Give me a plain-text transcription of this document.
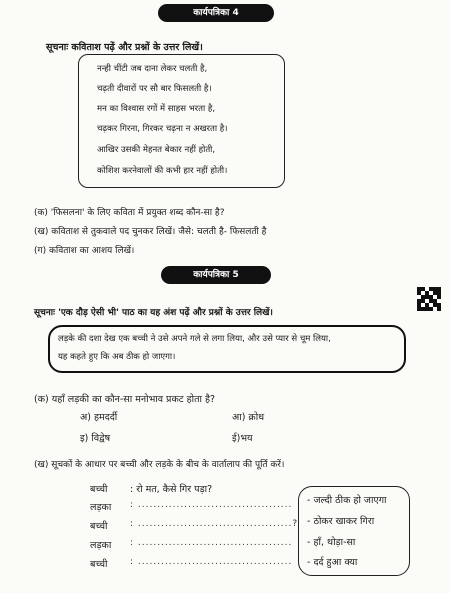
कार्यपत्रिका 4
सूचनाः कविताश पढ़ें और प्रश्नों के उत्तर लिखें।
नन्ही चींटी जब दाना लेकर चलती है,
चढ़ती दीवारों पर सौ बार फिसलती है।
मन का विश्वास रगों में साहस भरता है,
चढ़कर गिरना, गिरकर चढ़ना न अखरता है।
आखिर उसकी मेहनत बेकार नहीं होती,
कोशिश करनेवालों की कभी हार नहीं होती।
(क) 'फिसलना' के लिए कविता में प्रयुक्त शब्द कौन-सा है?
(ख) कविताश से तुकवाले पद चुनकर लिखें। जैसे: चलती है- फिसलती है
(ग) कविताश का आशय लिखें।
कार्यपत्रिका 5
सूचनाः 'एक दौड़ ऐसी भी' पाठ का यह अंश पढ़ें और प्रश्नों के उत्तर लिखें।
लड़के की दशा देख एक बच्ची ने उसे अपने गले से लगा लिया, और उसे प्यार से चूम लिया,
यह कहते हुए कि अब ठीक हो जाएगा।
(क) यहाँ लड़की का कौन-सा मनोभाव प्रकट होता है?
अ) हमदर्दी	आ) क्रोध
इ) विद्वेष	ई)भय
(ख) सूचकों के आधार पर बच्ची और लड़के के बीच के वार्तालाप की पूर्ति करें।
बच्ची : रो मत, कैसे गिर पड़ा?
लड़का : ........................................
बच्ची	: ........................................?
लड़का : ........................................
बच्ची	: ........................................
- जल्दी ठीक हो जाएगा
- ठोकर खाकर गिरा
- हाँ, थोड़ा-सा
- दर्द हुआ क्या
